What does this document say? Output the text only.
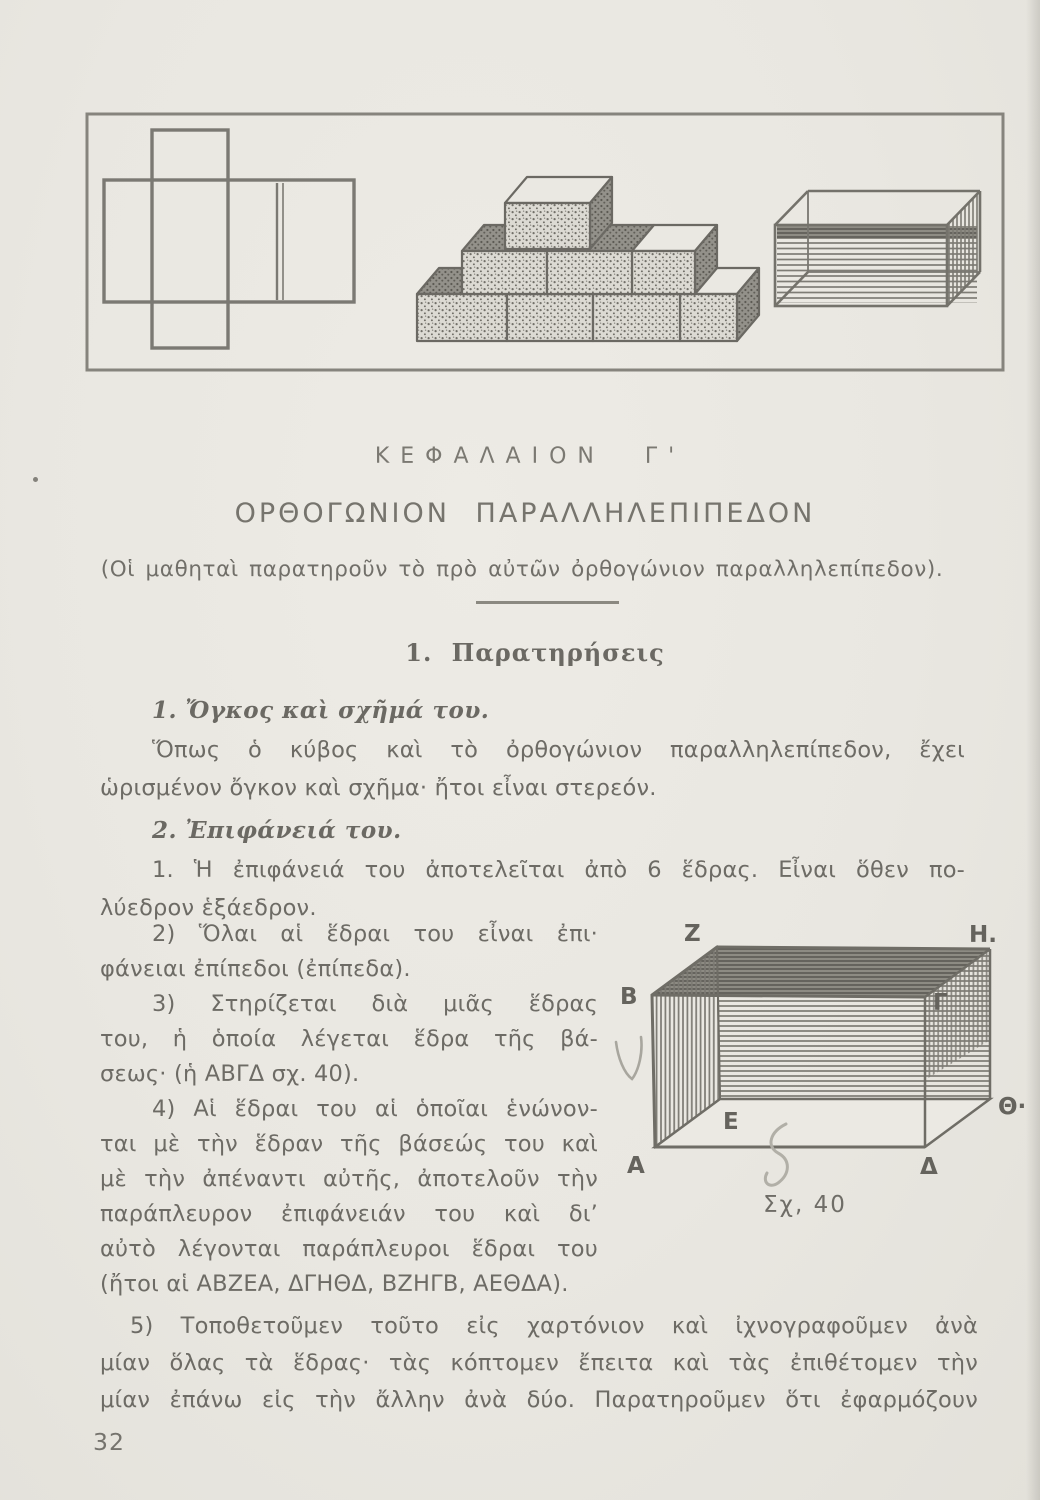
ΚΕΦΑΛΑΙΟΝ Γ'
ΟΡΘΟΓΩΝΙΟΝ ΠΑΡΑΛΛΗΛΕΠΙΠΕΔΟΝ
(Οἱ μαθηταὶ παρατηροῦν τὸ πρὸ αὐτῶν ὀρθογώνιον παραλληλεπίπεδον).
1. Παρατηρήσεις
1. Ὄγκος καὶ σχῆμά του.
Ὅπως ὁ κύβος καὶ τὸ ὀρθογώνιον παραλληλεπίπεδον, ἔχει
ὡρισμένον ὄγκον καὶ σχῆμα· ἤτοι εἶναι στερεόν.
2. Ἐπιφάνειά του.
1. Ἡ ἐπιφάνειά του ἀποτελεῖται ἀπὸ 6 ἕδρας. Εἶναι ὅθεν πο-
λύεδρον ἑξάεδρον.
2) Ὅλαι αἱ ἕδραι του εἶναι ἐπι·
φάνειαι ἐπίπεδοι (ἐπίπεδα).
3) Στηρίζεται διὰ μιᾶς ἕδρας
του, ἡ ὁποία λέγεται ἕδρα τῆς βά-
σεως· (ἡ ΑΒΓΔ σχ. 40).
4) Αἱ ἕδραι του αἱ ὁποῖαι ἑνώνον-
ται μὲ τὴν ἕδραν τῆς βάσεώς του καὶ
μὲ τὴν ἀπέναντι αὐτῆς, ἀποτελοῦν τὴν
παράπλευρον ἐπιφάνειάν του καὶ δι’
αὐτὸ λέγονται παράπλευροι ἕδραι του
(ἤτοι αἱ ΑΒΖΕΑ, ΔΓΗΘΔ, ΒΖΗΓΒ, ΑΕΘΔΑ).
Ζ	Η.
Β	Γ
Ε
Θ·
Α	Δ
Σχ, 40
5) Τοποθετοῦμεν τοῦτο εἰς χαρτόνιον καὶ ἰχνογραφοῦμεν ἀνὰ
μίαν ὅλας τὰ ἕδρας· τὰς κόπτομεν ἔπειτα καὶ τὰς ἐπιθέτομεν τὴν
μίαν ἐπάνω εἰς τὴν ἄλλην ἀνὰ δύο. Παρατηροῦμεν ὅτι ἐφαρμόζουν
32
